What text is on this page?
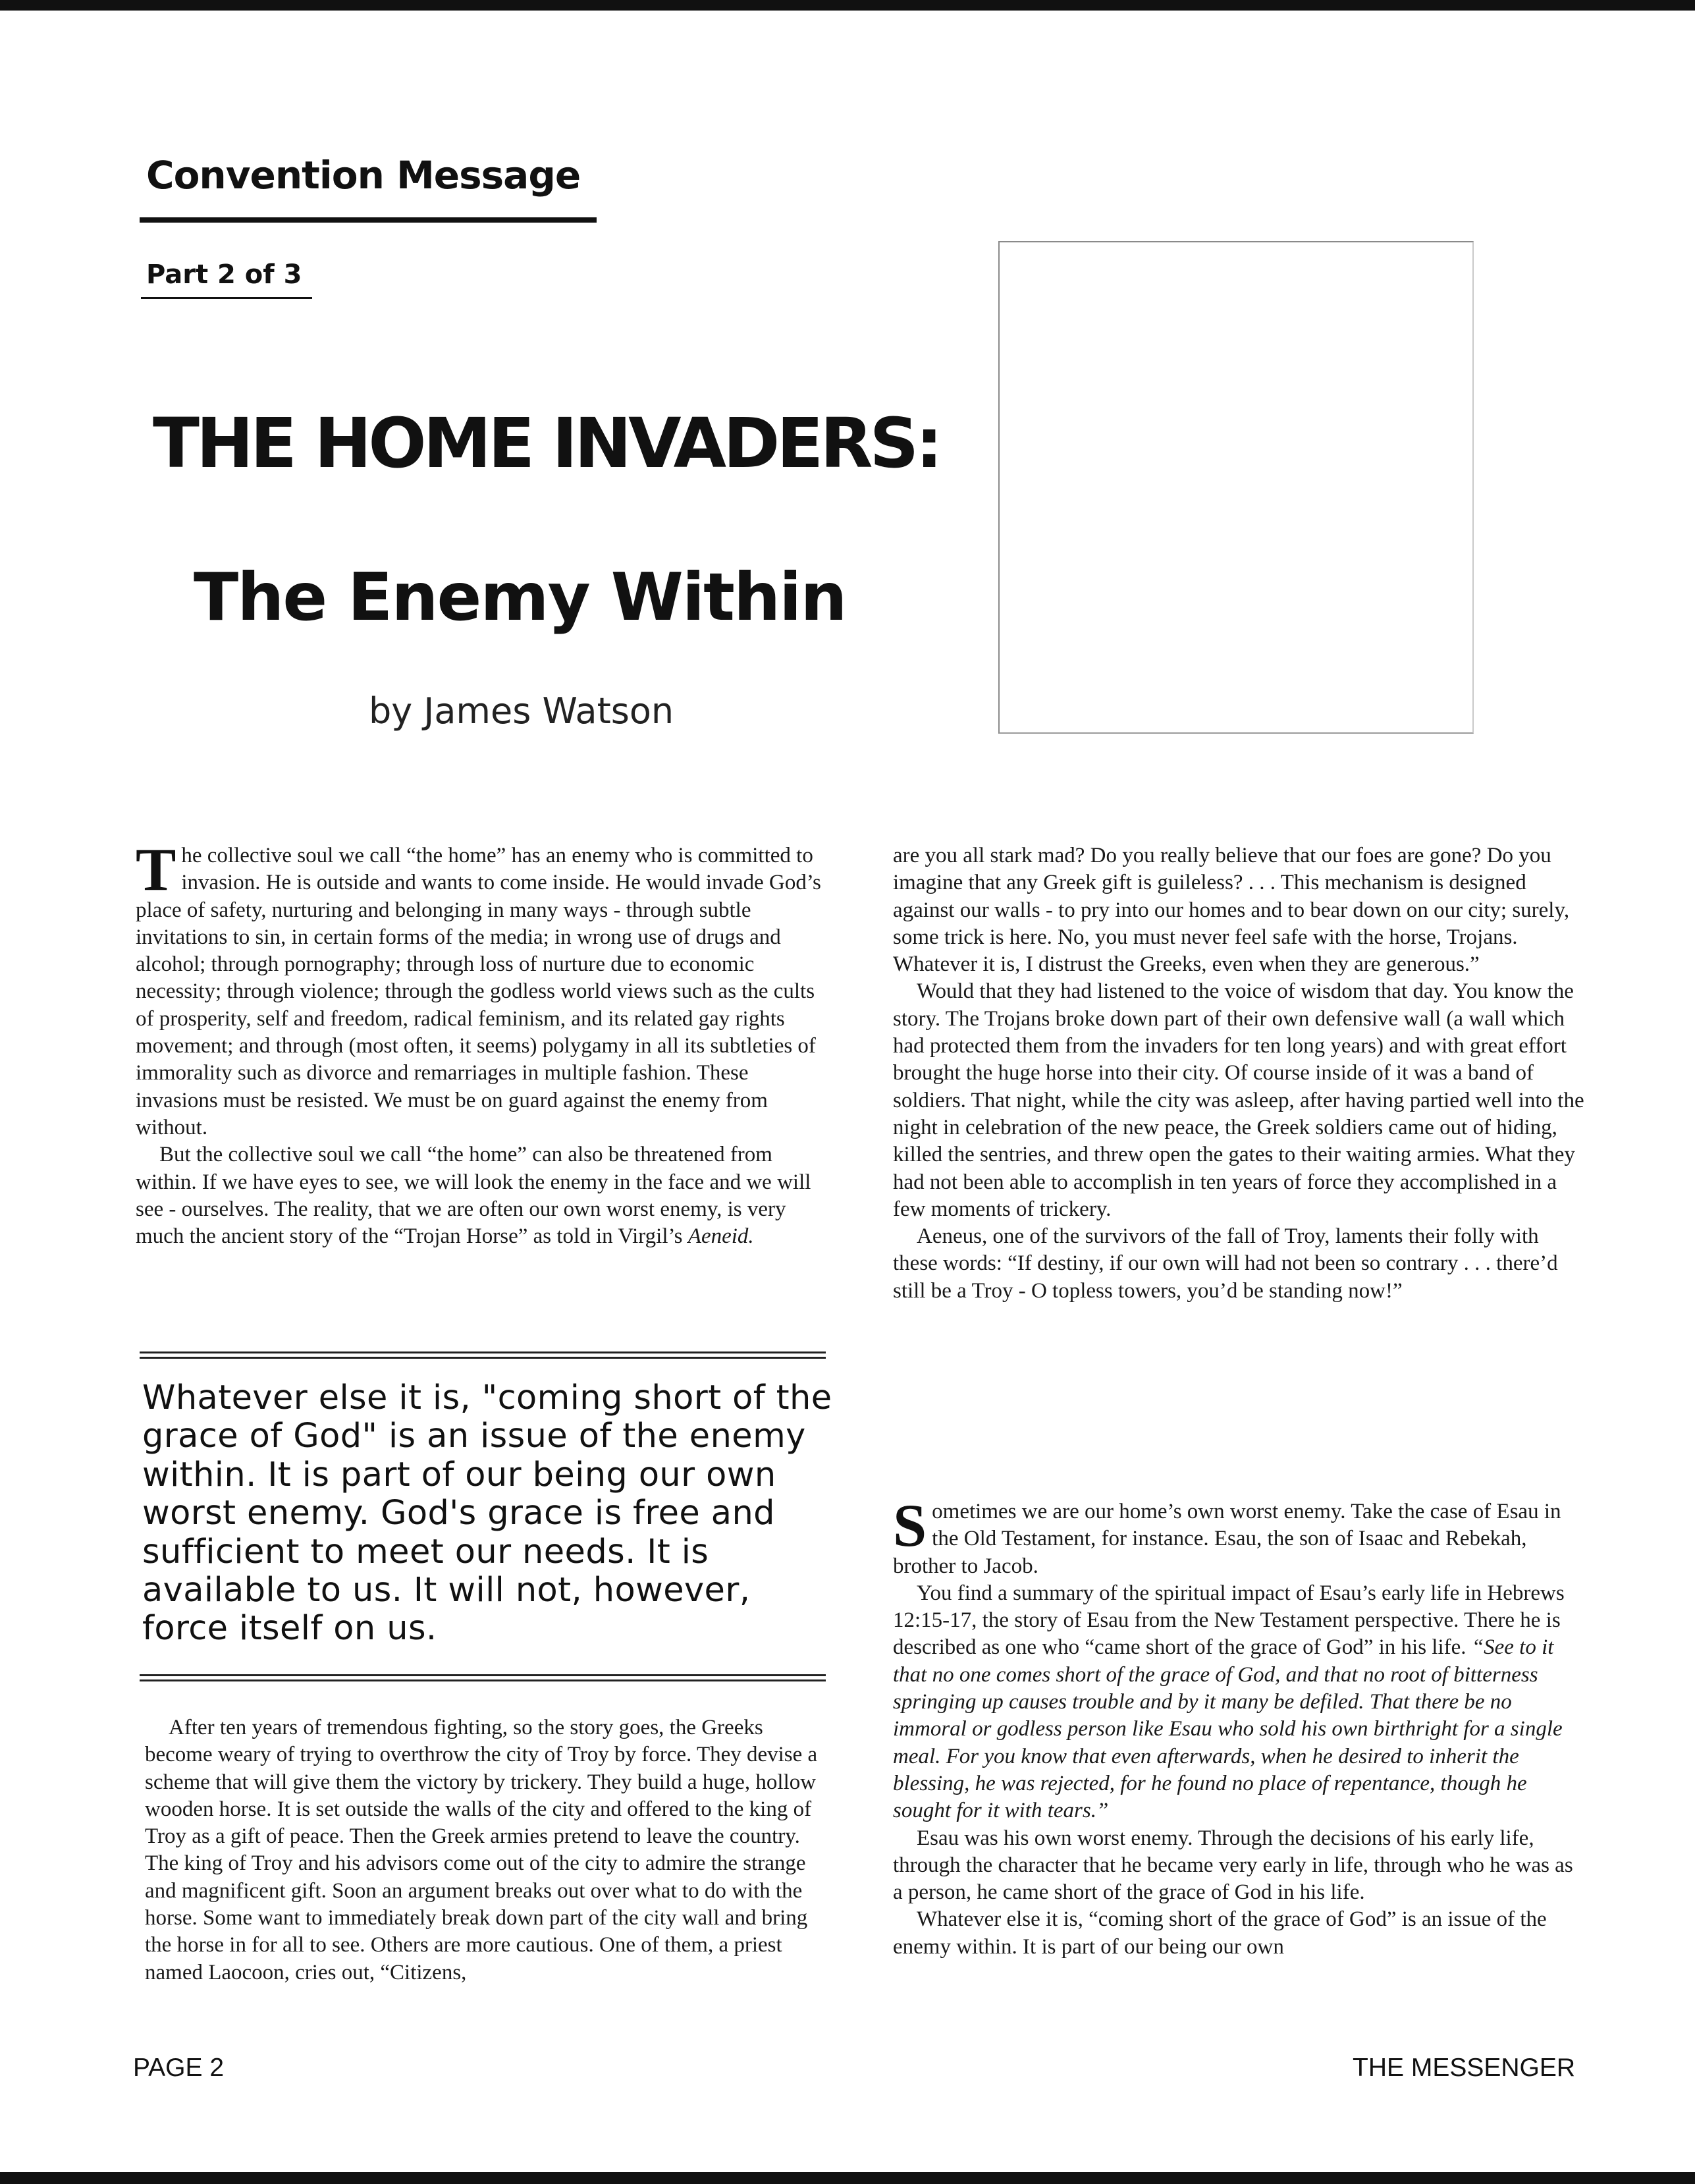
Convention Message
Part 2 of 3
THE HOME INVADERS:
The Enemy Within
by James Watson

The collective soul we call “the home” has an enemy who is committed to invasion. He is outside and wants to come inside. He would invade God’s place of safety, nurturing and belonging in many ways - through subtle invitations to sin, in certain forms of the media; in wrong use of drugs and alcohol; through pornography; through loss of nurture due to economic necessity; through violence; through the godless world views such as the cults of prosperity, self and freedom, radical feminism, and its related gay rights movement; and through (most often, it seems) polygamy in all its subtleties of immorality such as divorce and remarriages in multiple fashion. These invasions must be resisted. We must be on guard against the enemy from without.

But the collective soul we call “the home” can also be threatened from within. If we have eyes to see, we will look the enemy in the face and we will see - ourselves. The reality, that we are often our own worst enemy, is very much the ancient story of the “Trojan Horse” as told in Virgil’s Aeneid.

Whatever else it is, "coming short of the grace of God" is an issue of the enemy within. It is part of our being our own worst enemy. God's grace is free and sufficient to meet our needs. It is available to us. It will not, however, force itself on us.

After ten years of tremendous fighting, so the story goes, the Greeks become weary of trying to overthrow the city of Troy by force. They devise a scheme that will give them the victory by trickery. They build a huge, hollow wooden horse. It is set outside the walls of the city and offered to the king of Troy as a gift of peace. Then the Greek armies pretend to leave the country. The king of Troy and his advisors come out of the city to admire the strange and magnificent gift. Soon an argument breaks out over what to do with the horse. Some want to immediately break down part of the city wall and bring the horse in for all to see. Others are more cautious. One of them, a priest named Laocoon, cries out, “Citizens,

are you all stark mad? Do you really believe that our foes are gone? Do you imagine that any Greek gift is guileless? . . . This mechanism is designed against our walls - to pry into our homes and to bear down on our city; surely, some trick is here. No, you must never feel safe with the horse, Trojans. Whatever it is, I distrust the Greeks, even when they are generous.”

Would that they had listened to the voice of wisdom that day. You know the story. The Trojans broke down part of their own defensive wall (a wall which had protected them from the invaders for ten long years) and with great effort brought the huge horse into their city. Of course inside of it was a band of soldiers. That night, while the city was asleep, after having partied well into the night in celebration of the new peace, the Greek soldiers came out of hiding, killed the sentries, and threw open the gates to their waiting armies. What they had not been able to accomplish in ten years of force they accomplished in a few moments of trickery.

Aeneus, one of the survivors of the fall of Troy, laments their folly with these words: “If destiny, if our own will had not been so contrary . . . there’d still be a Troy - O topless towers, you’d be standing now!”

Sometimes we are our home’s own worst enemy. Take the case of Esau in the Old Testament, for instance. Esau, the son of Isaac and Rebekah, brother to Jacob.

You find a summary of the spiritual impact of Esau’s early life in Hebrews 12:15-17, the story of Esau from the New Testament perspective. There he is described as one who “came short of the grace of God” in his life. “See to it that no one comes short of the grace of God, and that no root of bitterness springing up causes trouble and by it many be defiled. That there be no immoral or godless person like Esau who sold his own birthright for a single meal. For you know that even afterwards, when he desired to inherit the blessing, he was rejected, for he found no place of repentance, though he sought for it with tears.”

Esau was his own worst enemy. Through the decisions of his early life, through the character that he became very early in life, through who he was as a person, he came short of the grace of God in his life.

Whatever else it is, “coming short of the grace of God” is an issue of the enemy within. It is part of our being our own

PAGE 2	THE MESSENGER
